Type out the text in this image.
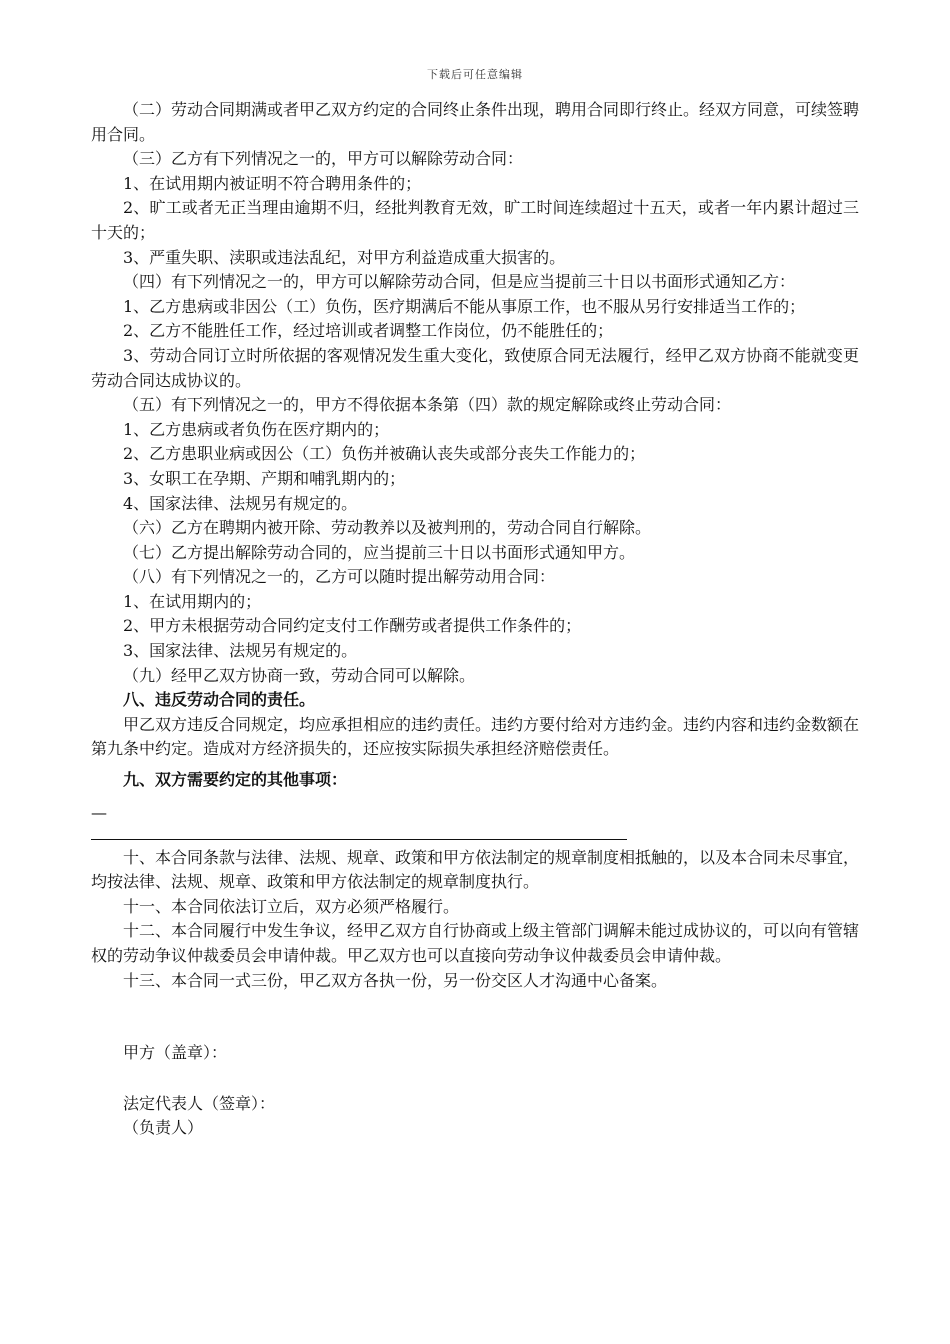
下载后可任意编辑

（二）劳动合同期满或者甲乙双方约定的合同终止条件出现，聘用合同即行终止。经双方同意，可续签聘用合同。

（三）乙方有下列情况之一的，甲方可以解除劳动合同：

1、在试用期内被证明不符合聘用条件的；

2、旷工或者无正当理由逾期不归，经批判教育无效，旷工时间连续超过十五天，或者一年内累计超过三十天的；

3、严重失职、渎职或违法乱纪，对甲方利益造成重大损害的。

（四）有下列情况之一的，甲方可以解除劳动合同，但是应当提前三十日以书面形式通知乙方：

1、乙方患病或非因公（工）负伤，医疗期满后不能从事原工作，也不服从另行安排适当工作的；

2、乙方不能胜任工作，经过培训或者调整工作岗位，仍不能胜任的；

3、劳动合同订立时所依据的客观情况发生重大变化，致使原合同无法履行，经甲乙双方协商不能就变更劳动合同达成协议的。

（五）有下列情况之一的，甲方不得依据本条第（四）款的规定解除或终止劳动合同：

1、乙方患病或者负伤在医疗期内的；

2、乙方患职业病或因公（工）负伤并被确认丧失或部分丧失工作能力的；

3、女职工在孕期、产期和哺乳期内的；

4、国家法律、法规另有规定的。

（六）乙方在聘期内被开除、劳动教养以及被判刑的，劳动合同自行解除。

（七）乙方提出解除劳动合同的，应当提前三十日以书面形式通知甲方。

（八）有下列情况之一的，乙方可以随时提出解劳动用合同：

1、在试用期内的；

2、甲方未根据劳动合同约定支付工作酬劳或者提供工作条件的；

3、国家法律、法规另有规定的。

（九）经甲乙双方协商一致，劳动合同可以解除。

八、违反劳动合同的责任。

甲乙双方违反合同规定，均应承担相应的违约责任。违约方要付给对方违约金。违约内容和违约金数额在第九条中约定。造成对方经济损失的，还应按实际损失承担经济赔偿责任。

九、双方需要约定的其他事项：

—

十、本合同条款与法律、法规、规章、政策和甲方依法制定的规章制度相抵触的，以及本合同未尽事宜，均按法律、法规、规章、政策和甲方依法制定的规章制度执行。

十一、本合同依法订立后，双方必须严格履行。

十二、本合同履行中发生争议，经甲乙双方自行协商或上级主管部门调解未能过成协议的，可以向有管辖权的劳动争议仲裁委员会申请仲裁。甲乙双方也可以直接向劳动争议仲裁委员会申请仲裁。

十三、本合同一式三份，甲乙双方各执一份，另一份交区人才沟通中心备案。

甲方（盖章）：

法定代表人（签章）：

（负责人）
